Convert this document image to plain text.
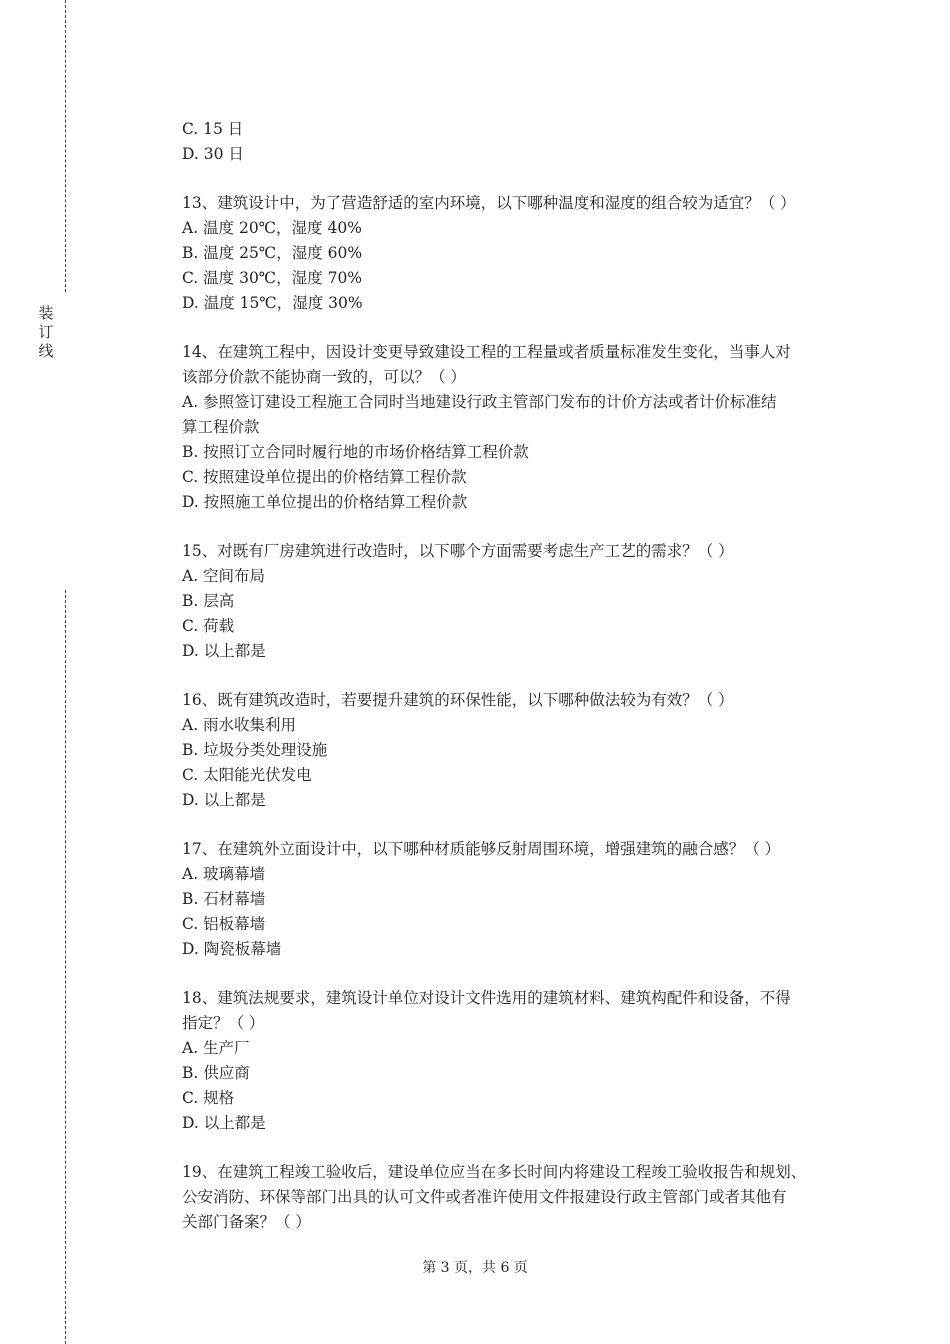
装订线
C. 15 日
D. 30 日
13、建筑设计中，为了营造舒适的室内环境，以下哪种温度和湿度的组合较为适宜？（ ）
A. 温度 20℃，湿度 40%
B. 温度 25℃，湿度 60%
C. 温度 30℃，湿度 70%
D. 温度 15℃，湿度 30%
14、在建筑工程中，因设计变更导致建设工程的工程量或者质量标准发生变化，当事人对
该部分价款不能协商一致的，可以？（ ）
A. 参照签订建设工程施工合同时当地建设行政主管部门发布的计价方法或者计价标准结
算工程价款
B. 按照订立合同时履行地的市场价格结算工程价款
C. 按照建设单位提出的价格结算工程价款
D. 按照施工单位提出的价格结算工程价款
15、对既有厂房建筑进行改造时，以下哪个方面需要考虑生产工艺的需求？（ ）
A. 空间布局
B. 层高
C. 荷载
D. 以上都是
16、既有建筑改造时，若要提升建筑的环保性能，以下哪种做法较为有效？（ ）
A. 雨水收集利用
B. 垃圾分类处理设施
C. 太阳能光伏发电
D. 以上都是
17、在建筑外立面设计中，以下哪种材质能够反射周围环境，增强建筑的融合感？（ ）
A. 玻璃幕墙
B. 石材幕墙
C. 铝板幕墙
D. 陶瓷板幕墙
18、建筑法规要求，建筑设计单位对设计文件选用的建筑材料、建筑构配件和设备，不得
指定？（ ）
A. 生产厂
B. 供应商
C. 规格
D. 以上都是
19、在建筑工程竣工验收后，建设单位应当在多长时间内将建设工程竣工验收报告和规划、
公安消防、环保等部门出具的认可文件或者准许使用文件报建设行政主管部门或者其他有
关部门备案？（ ）
第 3 页，共 6 页
